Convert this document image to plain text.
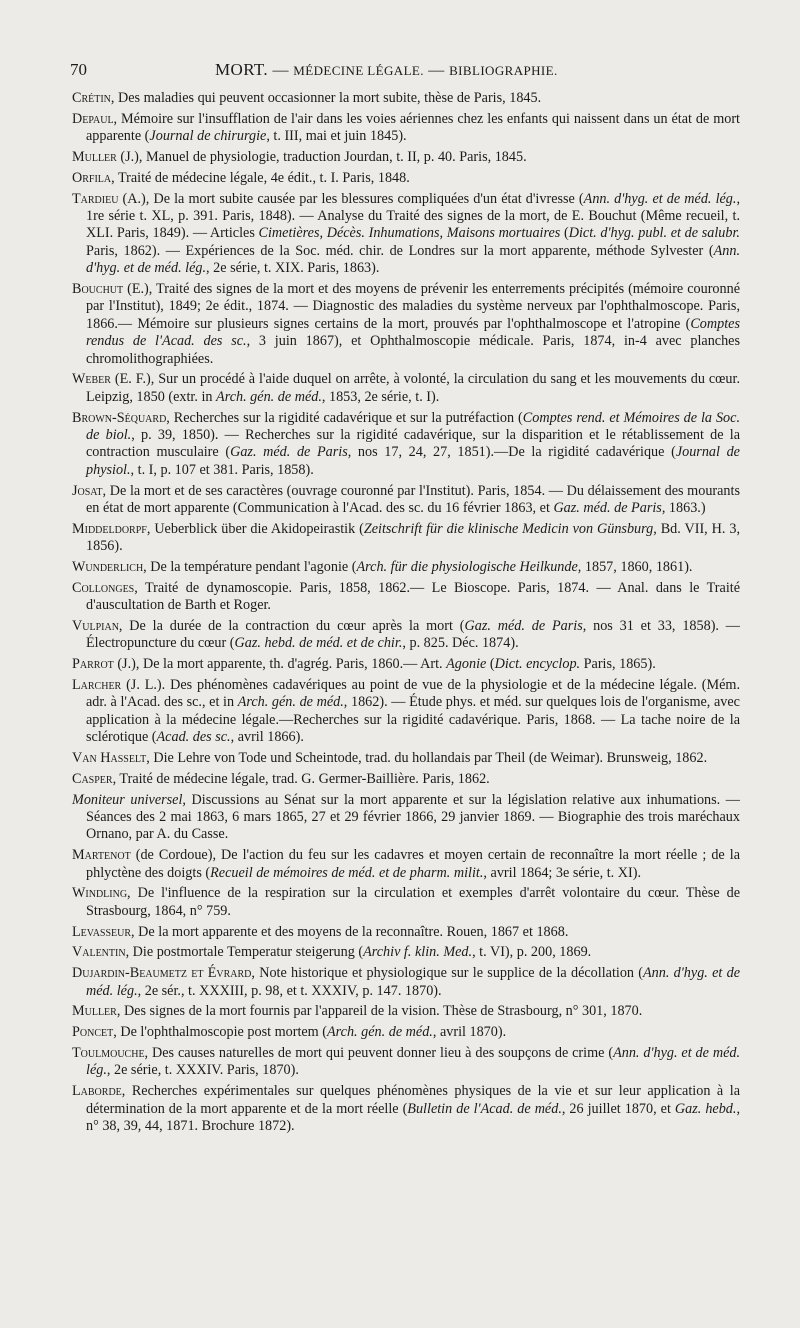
70	MORT. — MÉDECINE LÉGALE. — BIBLIOGRAPHIE.

Crétin, Des maladies qui peuvent occasionner la mort subite, thèse de Paris, 1845.

Depaul, Mémoire sur l'insufflation de l'air dans les voies aériennes chez les enfants qui naissent dans un état de mort apparente (Journal de chirurgie, t. III, mai et juin 1845).

Muller (J.), Manuel de physiologie, traduction Jourdan, t. II, p. 40. Paris, 1845.

Orfila, Traité de médecine légale, 4e édit., t. I. Paris, 1848.

Tardieu (A.), De la mort subite causée par les blessures compliquées d'un état d'ivresse (Ann. d'hyg. et de méd. lég., 1re série t. XL, p. 391. Paris, 1848). — Analyse du Traité des signes de la mort, de E. Bouchut (Même recueil, t. XLI. Paris, 1849). — Articles Cimetières, Décès. Inhumations, Maisons mortuaires (Dict. d'hyg. publ. et de salubr. Paris, 1862). — Expériences de la Soc. méd. chir. de Londres sur la mort apparente, méthode Sylvester (Ann. d'hyg. et de méd. lég., 2e série, t. XIX. Paris, 1863).

Bouchut (E.), Traité des signes de la mort et des moyens de prévenir les enterrements précipités (mémoire couronné par l'Institut), 1849; 2e édit., 1874. — Diagnostic des maladies du système nerveux par l'ophthalmoscope. Paris, 1866.— Mémoire sur plusieurs signes certains de la mort, prouvés par l'ophthalmoscope et l'atropine (Comptes rendus de l'Acad. des sc., 3 juin 1867), et Ophthalmoscopie médicale. Paris, 1874, in-4 avec planches chromolithographiées.

Weber (E. F.), Sur un procédé à l'aide duquel on arrête, à volonté, la circulation du sang et les mouvements du cœur. Leipzig, 1850 (extr. in Arch. gén. de méd., 1853, 2e série, t. I).

Brown-Séquard, Recherches sur la rigidité cadavérique et sur la putréfaction (Comptes rend. et Mémoires de la Soc. de biol., p. 39, 1850). — Recherches sur la rigidité cadavérique, sur la disparition et le rétablissement de la contraction musculaire (Gaz. méd. de Paris, nos 17, 24, 27, 1851).—De la rigidité cadavérique (Journal de physiol., t. I, p. 107 et 381. Paris, 1858).

Josat, De la mort et de ses caractères (ouvrage couronné par l'Institut). Paris, 1854. — Du délaissement des mourants en état de mort apparente (Communication à l'Acad. des sc. du 16 février 1863, et Gaz. méd. de Paris, 1863.)

Middeldorpf, Ueberblick über die Akidopeirastik (Zeitschrift für die klinische Medicin von Günsburg, Bd. VII, H. 3, 1856).

Wunderlich, De la température pendant l'agonie (Arch. für die physiologische Heilkunde, 1857, 1860, 1861).

Collonges, Traité de dynamoscopie. Paris, 1858, 1862.— Le Bioscope. Paris, 1874. — Anal. dans le Traité d'auscultation de Barth et Roger.

Vulpian, De la durée de la contraction du cœur après la mort (Gaz. méd. de Paris, nos 31 et 33, 1858). — Électropuncture du cœur (Gaz. hebd. de méd. et de chir., p. 825. Déc. 1874).

Parrot (J.), De la mort apparente, th. d'agrég. Paris, 1860.— Art. Agonie (Dict. encyclop. Paris, 1865).

Larcher (J. L.). Des phénomènes cadavériques au point de vue de la physiologie et de la médecine légale. (Mém. adr. à l'Acad. des sc., et in Arch. gén. de méd., 1862). — Étude phys. et méd. sur quelques lois de l'organisme, avec application à la médecine légale.—Recherches sur la rigidité cadavérique. Paris, 1868. — La tache noire de la sclérotique (Acad. des sc., avril 1866).

Van Hasselt, Die Lehre von Tode und Scheintode, trad. du hollandais par Theil (de Weimar). Brunsweig, 1862.

Casper, Traité de médecine légale, trad. G. Germer-Baillière. Paris, 1862.

Moniteur universel, Discussions au Sénat sur la mort apparente et sur la législation relative aux inhumations. — Séances des 2 mai 1863, 6 mars 1865, 27 et 29 février 1866, 29 janvier 1869. — Biographie des trois maréchaux Ornano, par A. du Casse.

Martenot (de Cordoue), De l'action du feu sur les cadavres et moyen certain de reconnaître la mort réelle ; de la phlyctène des doigts (Recueil de mémoires de méd. et de pharm. milit., avril 1864; 3e série, t. XI).

Windling, De l'influence de la respiration sur la circulation et exemples d'arrêt volontaire du cœur. Thèse de Strasbourg, 1864, n° 759.

Levasseur, De la mort apparente et des moyens de la reconnaître. Rouen, 1867 et 1868.

Valentin, Die postmortale Temperatur steigerung (Archiv f. klin. Med., t. VI), p. 200, 1869.

Dujardin-Beaumetz et Évrard, Note historique et physiologique sur le supplice de la décollation (Ann. d'hyg. et de méd. lég., 2e sér., t. XXXIII, p. 98, et t. XXXIV, p. 147. 1870).

Muller, Des signes de la mort fournis par l'appareil de la vision. Thèse de Strasbourg, n° 301, 1870.

Poncet, De l'ophthalmoscopie post mortem (Arch. gén. de méd., avril 1870).

Toulmouche, Des causes naturelles de mort qui peuvent donner lieu à des soupçons de crime (Ann. d'hyg. et de méd. lég., 2e série, t. XXXIV. Paris, 1870).

Laborde, Recherches expérimentales sur quelques phénomènes physiques de la vie et sur leur application à la détermination de la mort apparente et de la mort réelle (Bulletin de l'Acad. de méd., 26 juillet 1870, et Gaz. hebd., n° 38, 39, 44, 1871. Brochure 1872).
